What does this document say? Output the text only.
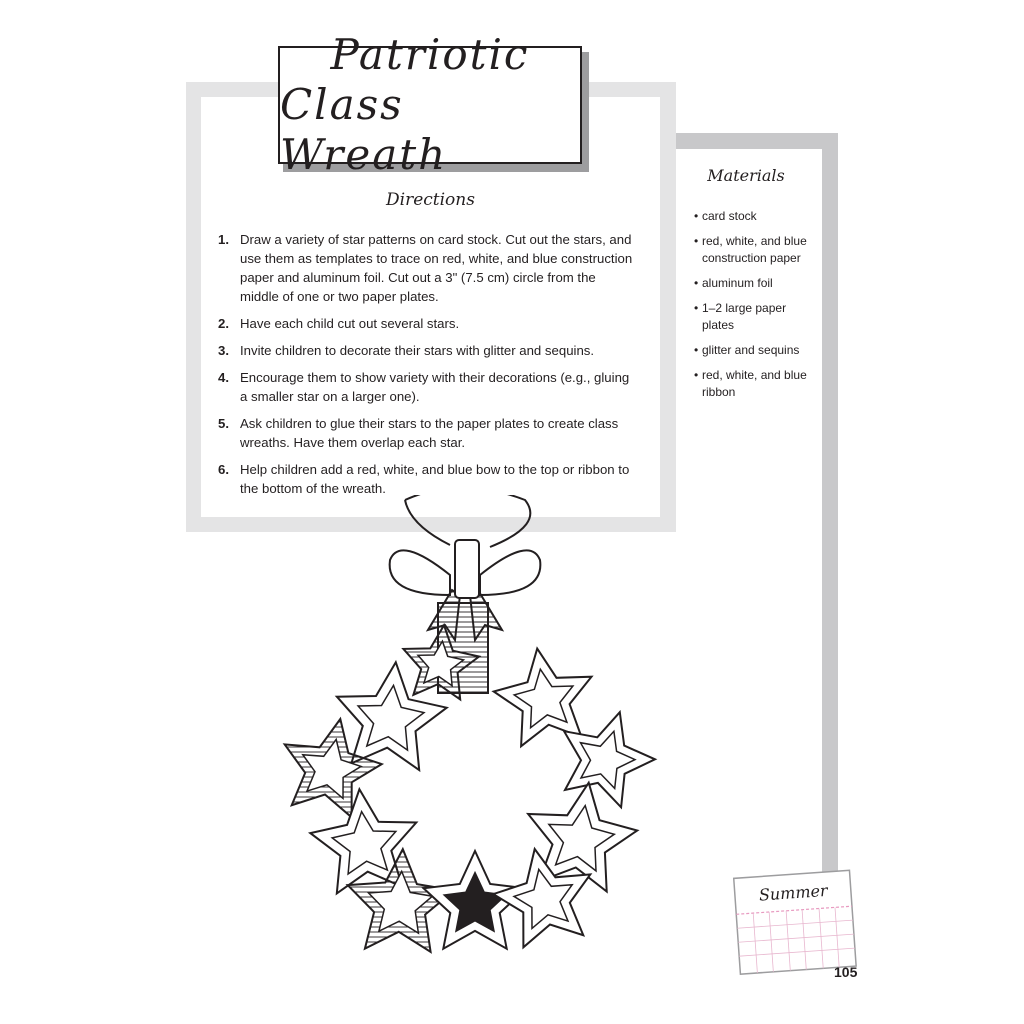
Patriotic
Class Wreath
Directions
1. Draw a variety of star patterns on card stock. Cut out the stars, and use them as templates to trace on red, white, and blue construction paper and aluminum foil. Cut out a 3" (7.5 cm) circle from the middle of one or two paper plates.
2. Have each child cut out several stars.
3. Invite children to decorate their stars with glitter and sequins.
4. Encourage them to show variety with their decorations (e.g., gluing a smaller star on a larger one).
5. Ask children to glue their stars to the paper plates to create class wreaths. Have them overlap each star.
6. Help children add a red, white, and blue bow to the top or ribbon to the bottom of the wreath.
Materials
• card stock
• red, white, and blue construction paper
• aluminum foil
• 1–2 large paper plates
• glitter and sequins
• red, white, and blue ribbon
Summer
105
